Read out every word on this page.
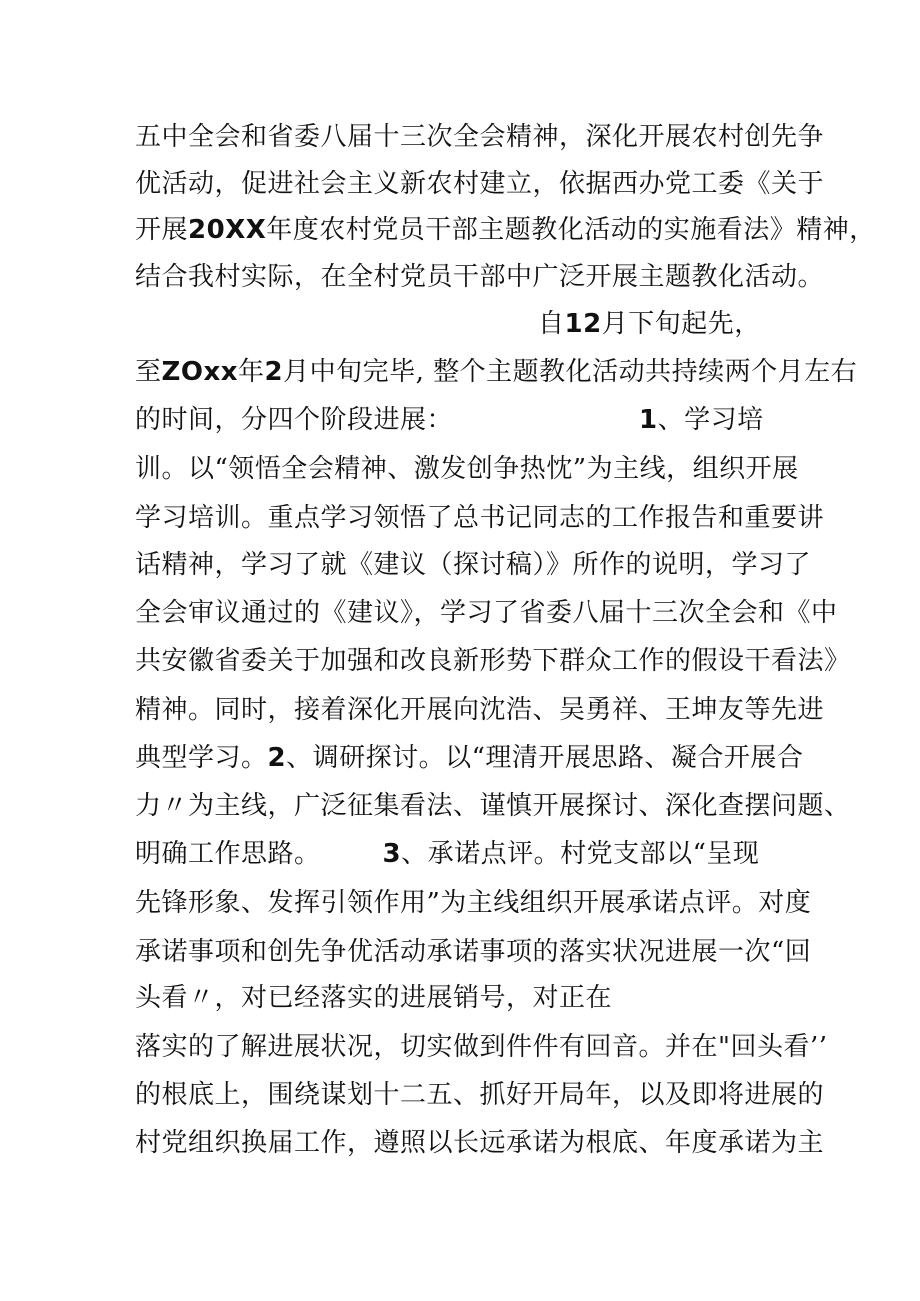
五中全会和省委八届十三次全会精神，深化开展农村创先争
优活动，促进社会主义新农村建立，依据西办党工委《关于
开展20XX年度农村党员干部主题教化活动的实施看法》精神，
结合我村实际，在全村党员干部中广泛开展主题教化活动。
自12月下旬起先，
至ZOxx年2月中旬完毕, 整个主题教化活动共持续两个月左右
的时间，分四个阶段进展：	1、学习培
训。以“领悟全会精神、激发创争热忱”为主线，组织开展
学习培训。重点学习领悟了总书记同志的工作报告和重要讲
话精神，学习了就《建议（探讨稿）》所作的说明，学习了
全会审议通过的《建议》，学习了省委八届十三次全会和《中
共安徽省委关于加强和改良新形势下群众工作的假设干看法》
精神。同时，接着深化开展向沈浩、吴勇祥、王坤友等先进
典型学习。2、调研探讨。以“理清开展思路、凝合开展合
力〃为主线，广泛征集看法、谨慎开展探讨、深化查摆问题、
明确工作思路。 3、承诺点评。村党支部以“呈现
先锋形象、发挥引领作用”为主线组织开展承诺点评。对度
承诺事项和创先争优活动承诺事项的落实状况进展一次“回
头看〃，对已经落实的进展销号，对正在
落实的了解进展状况，切实做到件件有回音。并在"回头看’’
的根底上，围绕谋划十二五、抓好开局年，以及即将进展的
村党组织换届工作，遵照以长远承诺为根底、年度承诺为主
